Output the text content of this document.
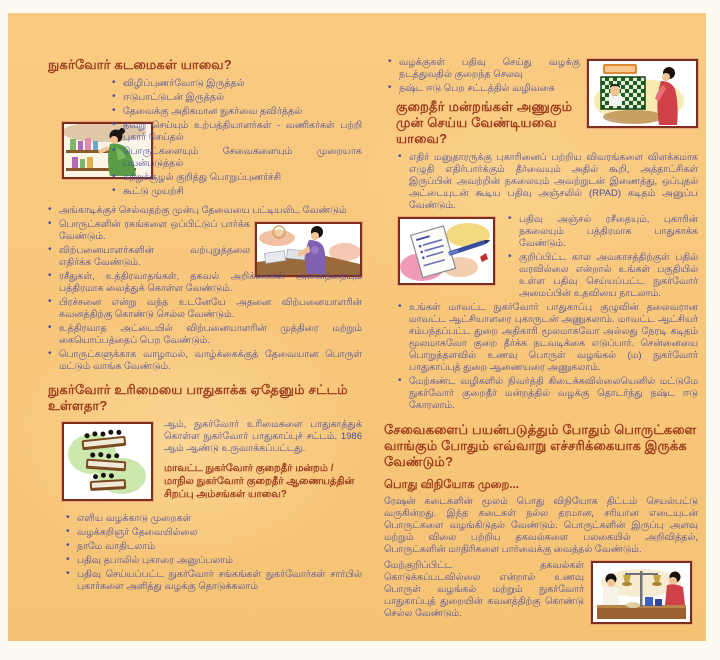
நுகர்வோர் கடமைகள் யாவை?
• விழிப்புணர்வோடு இருத்தல்
• ஈடுபாட்டுடன் இருத்தல்
• தேவைக்கு அதிகமான நுகர்வை தவிர்த்தல்
• தவறு செய்யும் உற்பத்தியாளர்கள் - வணிகர்கள் பற்றி புகார் செய்தல்
• பொருட்களையும் சேவைகளையும் முறையாக பயன்படுத்தல்
• சுற்றுச்சூழல் குறித்து பொறுப்புணர்ச்சி
• கூட்டு முயற்சி
• அங்காடிக்குச் செல்வதற்கு முன்பு தேவையை பட்டியலிட வேண்டும்
• பொருட்களின் ரகங்களை ஒப்பிட்டுப் பார்க்க வேண்டும்.
• விற்பனையாளர்களின் வற்புறுத்தலை எதிர்க்க வேண்டும்.
• ரசீதுகள், உத்திரவாதங்கள், தகவல் அறிக்கைகள் அனைத்தையும் பத்திரமாக வைத்துக் கொள்ள வேண்டும்.
• பிரச்சனை என்று வந்த உடனேயே அதனை விற்பனையாளரின் கவனத்திற்கு கொண்டு செல்ல வேண்டும்.
• உத்திரவாத அட்டையில் விற்பனையாளரின் முத்திரை மற்றும் கையொப்பத்தைப் பெற வேண்டும்.
• பொருட்களுக்காக வாழாமல், வாழ்க்கைக்குத் தேவையான பொருள் மட்டும் வாங்க வேண்டும்.
நுகர்வோர் உரிமையை பாதுகாக்க ஏதேனும் சட்டம் உள்ளதா?

ஆம், நுகர்வோர் உரிமைகளை பாதுகாத்துக் கொள்ள நுகர்வோர் பாதுகாப்புச் சட்டம், 1986 ஆம் ஆண்டு உருவாக்கப்பட்டது.

மாவட்ட நுகர்வோர் குறைதீர் மன்றம் / மாநில நுகர்வோர் குறைதீர் ஆணையத்தின் சிறப்பு அம்சங்கள் யாவை?

• எளிய வழக்காடு முறைகள்
• வழக்கறிஞர் தேவையில்லை
• நாமே வாதிடலாம்
• பதிவு தபாலில் புகாரை அனுப்பலாம்
• பதிவு செய்யப்பட்ட நுகர்வோர் சங்கங்கள் நுகர்வோர்கள் சார்பில் புகார்களை அளித்து வழக்கு தொடுக்கலாம்
• வழக்குகள் பதிவு செய்து வழக்கு நடத்துவதில் குறைந்த செலவு
• நஷ்ட ஈடு பெற சட்டத்தில் வழிவகை
குறைதீர் மன்றங்கள் அணுகும் முன் செய்ய வேண்டியவை யாவை?
• எதிர் மனுதாரருக்கு புகாரினைப் பற்றிய விவரங்களை விளக்கமாக எழுதி எதிர்பார்க்கும் தீர்வையும் அதில் கூறி, அத்தாட்சிகள் இருப்பின் அவற்றின் நகலையும் அவற்றுடன் இணைத்து, ஒப்புதல் அட்டையுடன் கூடிய பதிவு அஞ்சலில் (RPAD) கடிதம் அனுப்ப வேண்டும்.
• பதிவு அஞ்சல் ரசீதையும், புகாரின் நகலையும் பத்திரமாக பாதுகாக்க வேண்டும்.
• குறிப்பிட்ட கால அவகாசத்திற்குள் பதில் வரவில்லை என்றால் உங்கள் பகுதியில் உள்ள பதிவு செய்யப்பட்ட நுகர்வோர் அமைப்பின் உதவியை நாடலாம்.
• உங்கள் மாவட்ட நுகர்வோர் பாதுகாப்பு குழுவின் தலைவரான மாவட்ட ஆட்சியாளரை புகாருடன் அணுகலாம். மாவட்ட ஆட்சியர் சம்பந்தப்பட்ட துறை அதிகாரி மூலமாகவோ அல்லது நேரடி கடிதம் மூலமாகவோ குறை தீர்க்க நடவடிக்கை எடுப்பார். சென்னையை பொறுத்தளவில் உணவு பொருள் வழங்கல் (ம) நுகர்வோர் பாதுகாப்புத் துறை ஆணையரை அணுகலாம்.
• மேற்கண்ட வழிகளில் நிவர்த்தி கிடைக்கவில்லையெனில் மட்டுமே நுகர்வோர் குறைதீர் மன்றத்தில் வழக்கு தொடர்ந்து நஷ்ட ஈடு கோரலாம்.
சேவைகளைப் பயன்படுத்தும் போதும் பொருட்களை வாங்கும் போதும் எவ்வாறு எச்சரிக்கையாக இருக்க வேண்டும்?
பொது விநியோக முறை...

ரேஷன் கடைகளின் மூலம் பொது விநியோக திட்டம் செயல்பட்டு வருகின்றது. இந்த கடைகள் நல்ல தரமான, சரியான எடையுடன் பொருட்களை வழங்கிடுதல் வேண்டும். பொருட்களின் இருப்பு அளவு மற்றும் விலை பற்றிய தகவல்களை பலகையில் அறிவித்தல், பொருட்களின் மாதிரிகளை பார்வைக்கு வைத்தல் வேண்டும்.

மேற்குறிப்பிட்ட தகவல்கள் கொடுக்கப்படவில்லை என்றால் உணவு பொருள் வழங்கல் மற்றும் நுகர்வோர் பாதுகாப்புத் துறையின் கவனத்திற்கு கொண்டு செல்ல வேண்டும்.
